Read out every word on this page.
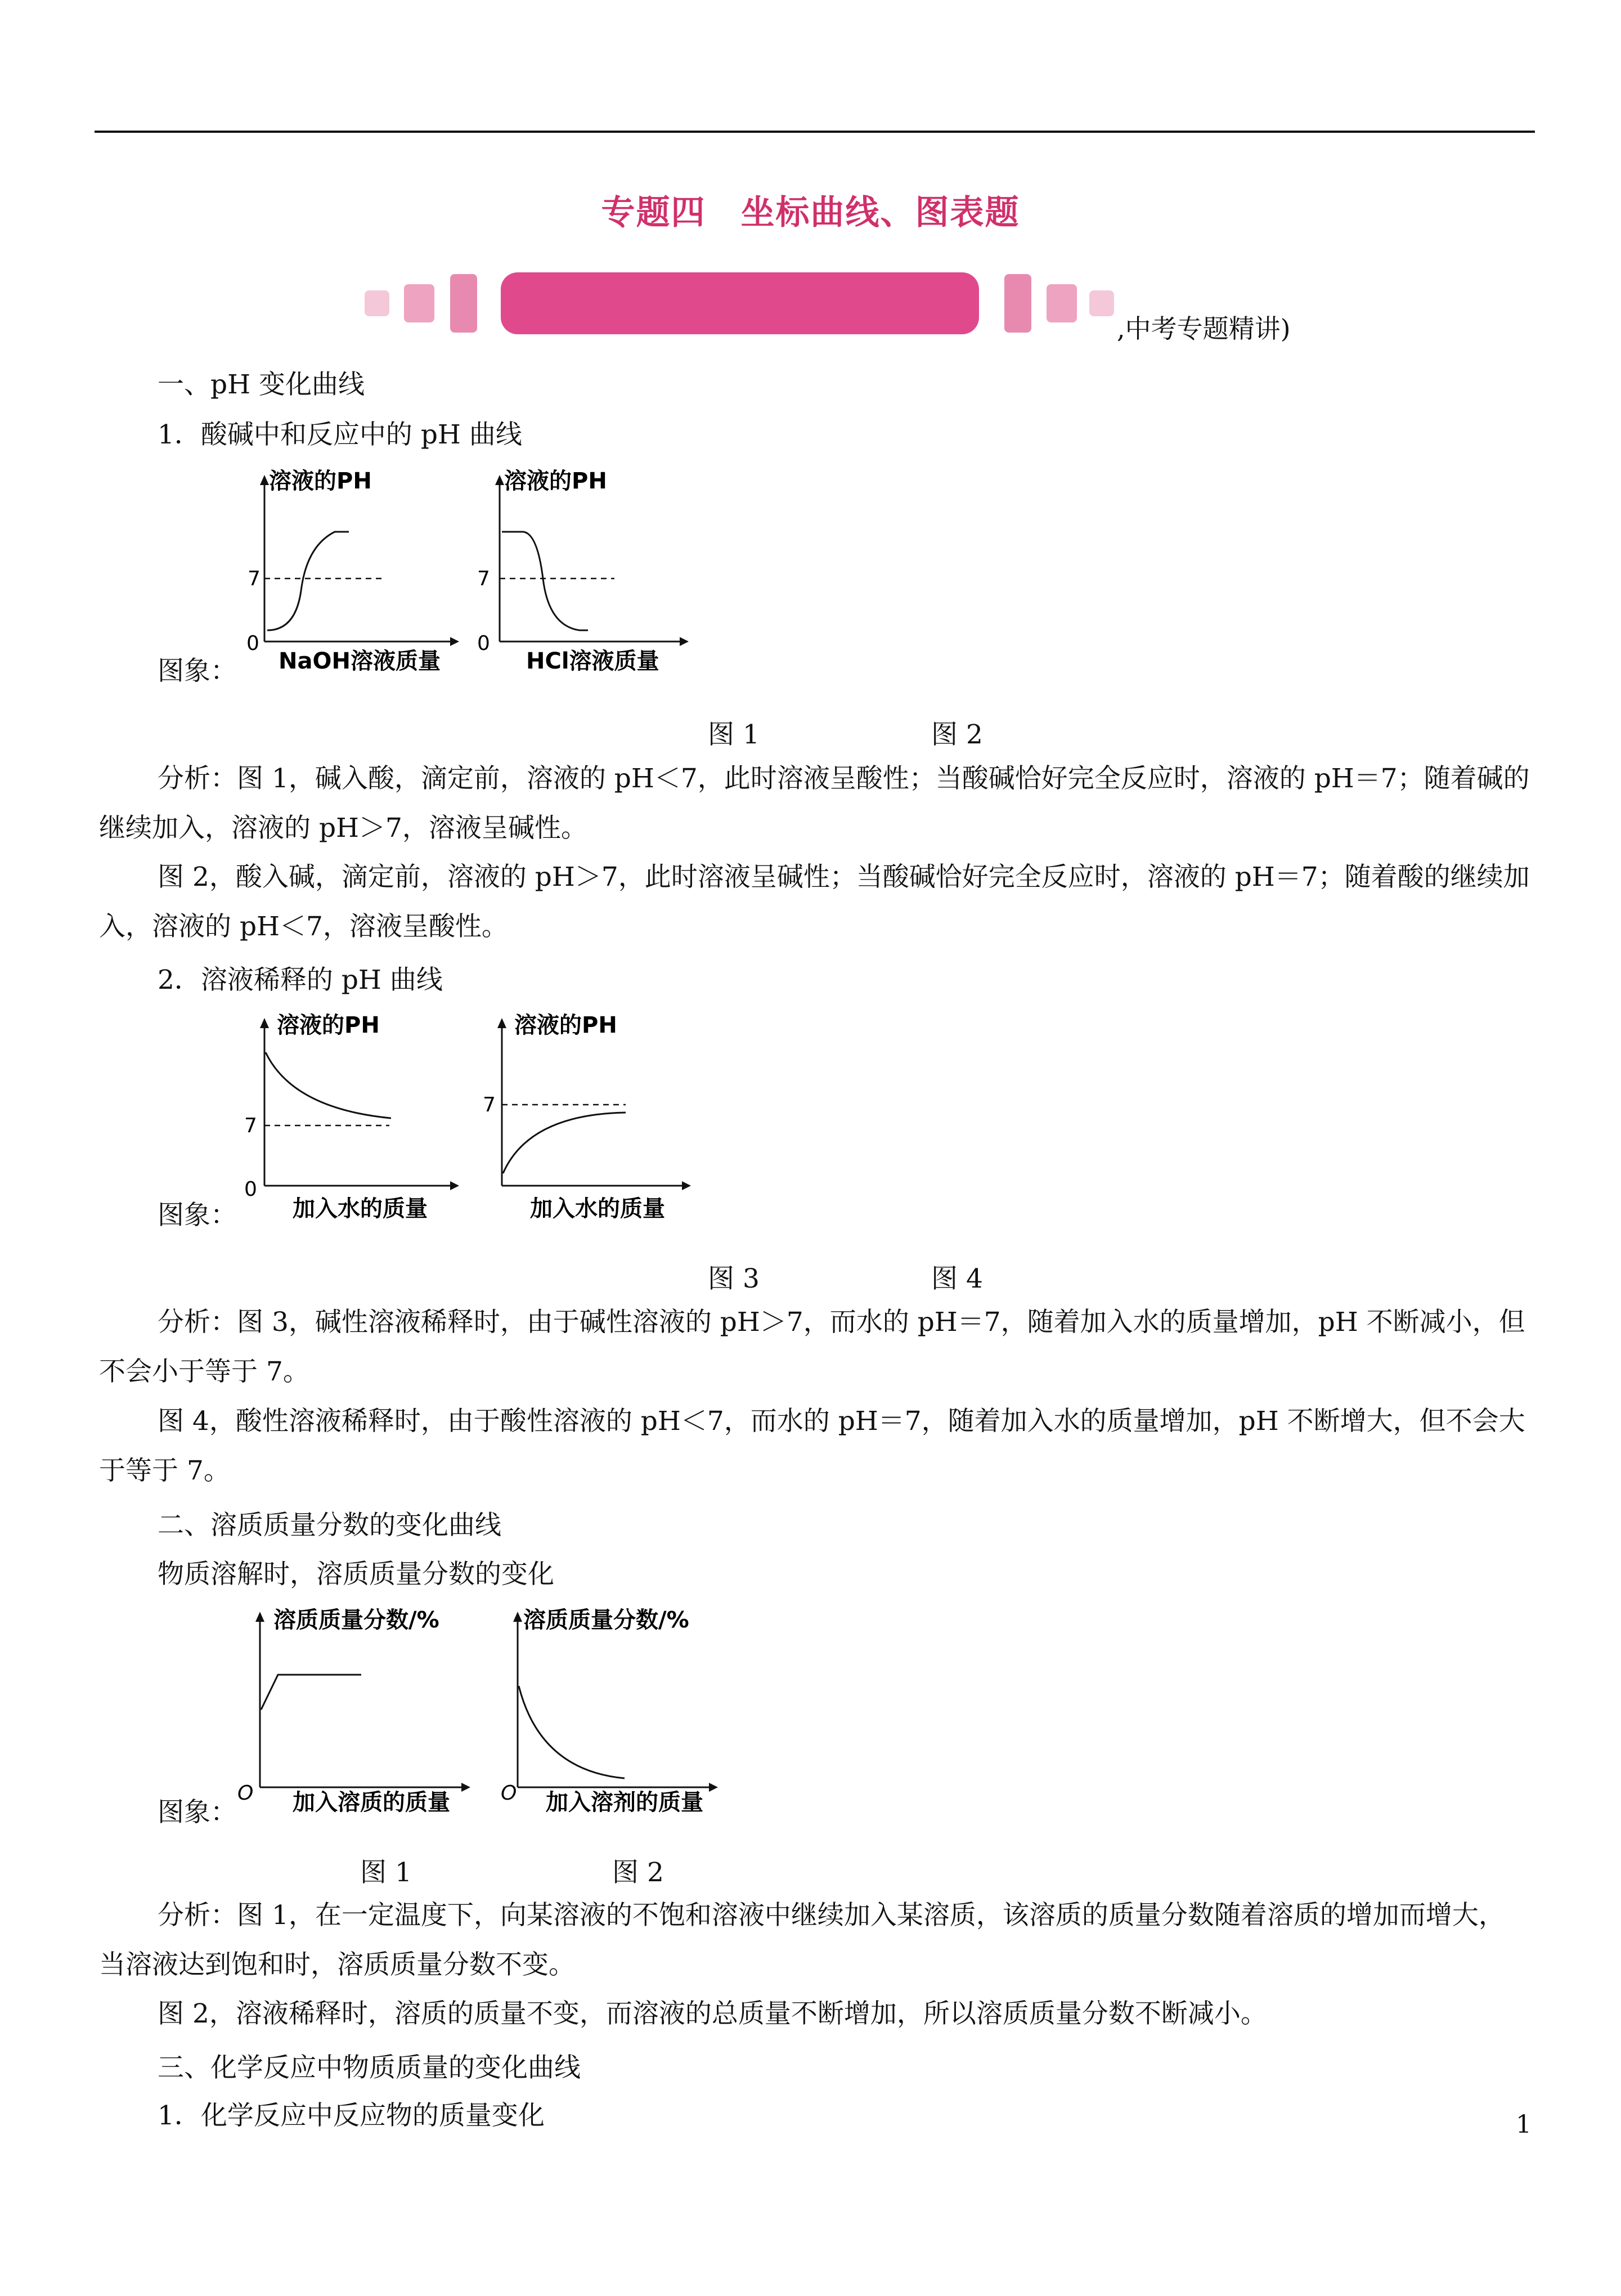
专题四　坐标曲线、图表题
,中考专题精讲)
一、pH 变化曲线
1．酸碱中和反应中的 pH 曲线
图象：
溶液的PH
7
0
NaOH溶液质量
溶液的PH
7
0
HCl溶液质量
图 1	图 2
分析：图 1，碱入酸，滴定前，溶液的 pH＜7，此时溶液呈酸性；当酸碱恰好完全反应时，溶液的 pH＝7；随着碱的继续加入，溶液的 pH＞7，溶液呈碱性。
图 2，酸入碱，滴定前，溶液的 pH＞7，此时溶液呈碱性；当酸碱恰好完全反应时，溶液的 pH＝7；随着酸的继续加入，溶液的 pH＜7，溶液呈酸性。
2．溶液稀释的 pH 曲线
图象：
溶液的PH
7
0
加入水的质量
溶液的PH
7
加入水的质量
图 3	图 4
分析：图 3，碱性溶液稀释时，由于碱性溶液的 pH＞7，而水的 pH＝7，随着加入水的质量增加，pH 不断减小，但不会小于等于 7。
图 4，酸性溶液稀释时，由于酸性溶液的 pH＜7，而水的 pH＝7，随着加入水的质量增加，pH 不断增大，但不会大于等于 7。
二、溶质质量分数的变化曲线
物质溶解时，溶质质量分数的变化
图象：
溶质质量分数/%
O 加入溶质的质量
溶质质量分数/%
O 加入溶剂的质量
图 1	图 2
分析：图 1，在一定温度下，向某溶液的不饱和溶液中继续加入某溶质，该溶质的质量分数随着溶质的增加而增大，当溶液达到饱和时，溶质质量分数不变。
图 2，溶液稀释时，溶质的质量不变，而溶液的总质量不断增加，所以溶质质量分数不断减小。
三、化学反应中物质质量的变化曲线
1．化学反应中反应物的质量变化	1
